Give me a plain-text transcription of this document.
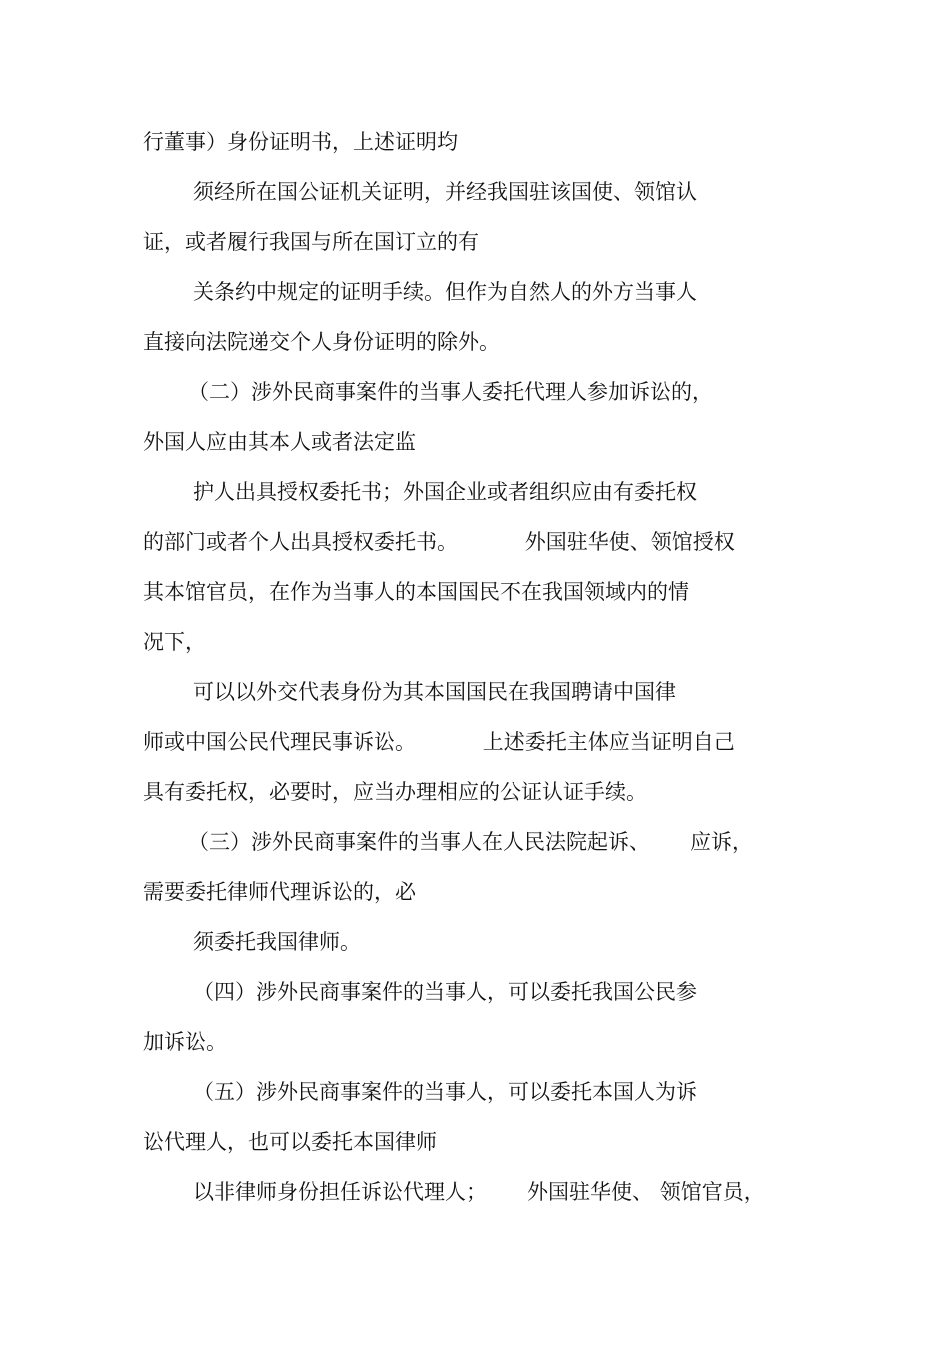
行董事）身份证明书，上述证明均
须经所在国公证机关证明，并经我国驻该国使、领馆认
证，或者履行我国与所在国订立的有
关条约中规定的证明手续。但作为自然人的外方当事人
直接向法院递交个人身份证明的除外。
（二）涉外民商事案件的当事人委托代理人参加诉讼的，
外国人应由其本人或者法定监
护人出具授权委托书；外国企业或者组织应由有委托权
的部门或者个人出具授权委托书。          外国驻华使、领馆授权
其本馆官员，在作为当事人的本国国民不在我国领域内的情
况下，
可以以外交代表身份为其本国国民在我国聘请中国律
师或中国公民代理民事诉讼。          上述委托主体应当证明自己
具有委托权，必要时，应当办理相应的公证认证手续。
（三）涉外民商事案件的当事人在人民法院起诉、      应诉，
需要委托律师代理诉讼的，必
须委托我国律师。
（四）涉外民商事案件的当事人，可以委托我国公民参
加诉讼。
（五）涉外民商事案件的当事人，可以委托本国人为诉
讼代理人，也可以委托本国律师
以非律师身份担任诉讼代理人；      外国驻华使、 领馆官员，
